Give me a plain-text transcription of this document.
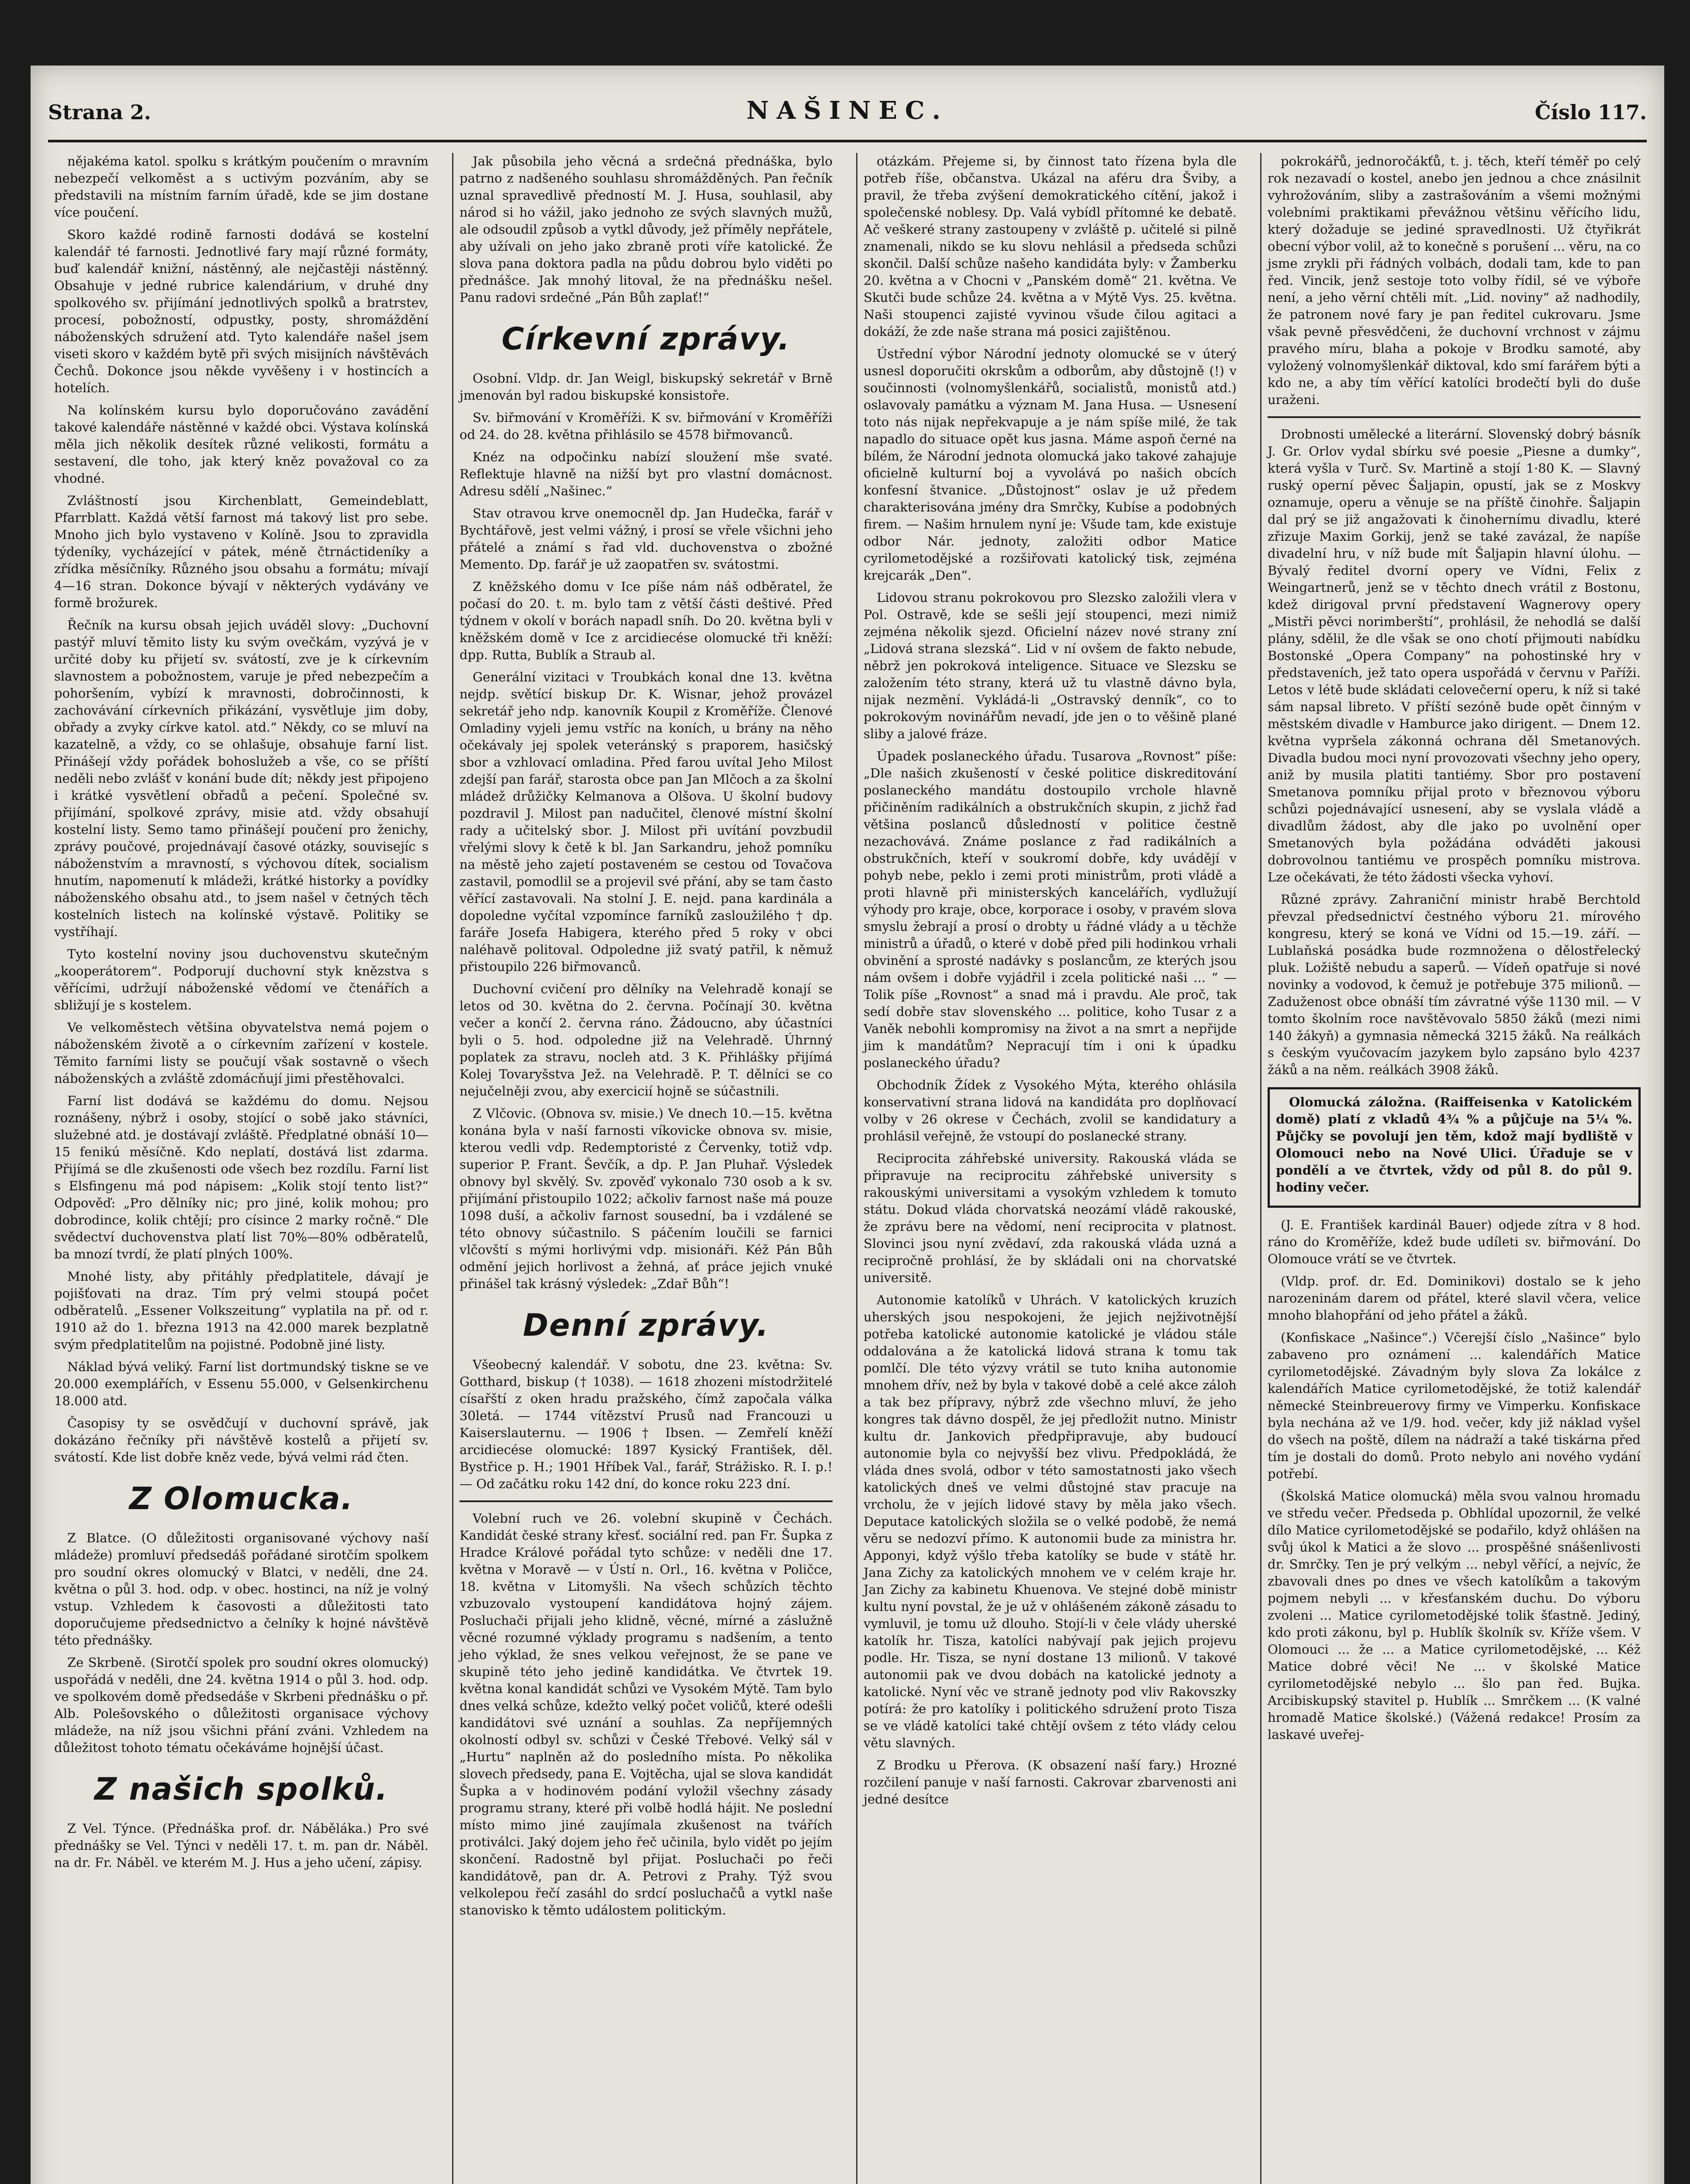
Strana 2.	NAŠINEC.	Číslo 117.

nějakéma katol. spolku s krátkým poučením o mravním nebezpečí velkoměst a s uctivým pozváním, aby se představili na místním farním úřadě, kde se jim dostane více poučení.

Skoro každé rodině farnosti dodává se kostelní kalendář té farnosti. Jednotlivé fary mají různé formáty, buď kalendář knižní, nástěnný, ale nejčastěji nástěnný. Obsahuje v jedné rubrice kalendárium, v druhé dny spolkového sv. přijímání jednotlivých spolků a bratrstev, procesí, pobožností, odpustky, posty, shromáždění náboženských sdružení atd. Tyto kalendáře našel jsem viseti skoro v každém bytě při svých misijních návštěvách Čechů. Dokonce jsou někde vyvěšeny i v hostincích a hotelích.

Na kolínském kursu bylo doporučováno zavádění takové kalendáře nástěnné v každé obci. Výstava kolínská měla jich několik desítek různé velikosti, formátu a sestavení, dle toho, jak který kněz považoval co za vhodné.

Zvláštností jsou Kirchenblatt, Gemeindeblatt, Pfarrblatt. Každá větší farnost má takový list pro sebe. Mnoho jich bylo vystaveno v Kolíně. Jsou to zpravidla týdeníky, vycházející v pátek, méně čtrnáctideníky a zřídka měsíčníky. Různého jsou obsahu a formátu; mívají 4—16 stran. Dokonce bývají v některých vydávány ve formě brožurek.

Řečník na kursu obsah jejich uváděl slovy: „Duchovní pastýř mluví těmito listy ku svým ovečkám, vyzývá je v určité doby ku přijetí sv. svátostí, zve je k církevním slavnostem a pobožnostem, varuje je před nebezpečím a pohoršením, vybízí k mravnosti, dobročinnosti, k zachovávání církevních přikázání, vysvětluje jim doby, obřady a zvyky církve katol. atd.“ Někdy, co se mluví na kazatelně, a vždy, co se ohlašuje, obsahuje farní list. Přinášejí vždy pořádek bohoslužeb a vše, co se příští neděli nebo zvlášť v konání bude dít; někdy jest připojeno i krátké vysvětlení obřadů a pečení. Společné sv. přijímání, spolkové zprávy, misie atd. vždy obsahují kostelní listy. Semo tamo přinášejí poučení pro ženichy, zprávy poučové, projednávají časové otázky, souvisejíc s náboženstvím a mravností, s výchovou dítek, socialism hnutím, napomenutí k mládeži, krátké historky a povídky náboženského obsahu atd., to jsem našel v četných těch kostelních listech na kolínské výstavě. Politiky se vystříhají.

Tyto kostelní noviny jsou duchovenstvu skutečným „kooperátorem“. Podporují duchovní styk knězstva s věřícími, udržují náboženské vědomí ve čtenářích a sbližují je s kostelem.

Ve velkoměstech většina obyvatelstva nemá pojem o náboženském životě a o církevním zařízení v kostele. Těmito farními listy se poučují však sostavně o všech náboženských a zvláště zdomácňují jimi přestěhovalci.

Farní list dodává se každému do domu. Nejsou roznášeny, nýbrž i osoby, stojící o sobě jako stávníci, služebné atd. je dostávají zvláště. Předplatné obnáší 10—15 fenikú měsíčně. Kdo neplatí, dostává list zdarma. Přijímá se dle zkušenosti ode všech bez rozdílu. Farní list s Elsfingenu má pod nápisem: „Kolik stojí tento list?“ Odpověď: „Pro dělníky nic; pro jiné, kolik mohou; pro dobrodince, kolik chtějí; pro císince 2 marky ročně.“ Dle svědectví duchovenstva platí list 70%—80% odběratelů, ba mnozí tvrdí, že platí plných 100%.

Mnohé listy, aby přitáhly předplatitele, dávají je pojišťovati na draz. Tím prý velmi stoupá počet odběratelů. „Essener Volkszeitung“ vyplatila na př. od r. 1910 až do 1. března 1913 na 42.000 marek bezplatně svým předplatitelům na pojistné. Podobně jiné listy.

Náklad bývá veliký. Farní list dortmundský tiskne se ve 20.000 exemplářích, v Essenu 55.000, v Gelsenkirchenu 18.000 atd.

Časopisy ty se osvědčují v duchovní správě, jak dokázáno řečníky při návštěvě kostelů a přijetí sv. svátostí. Kde list dobře kněz vede, bývá velmi rád čten.

Z Olomucka.

Z Blatce. (O důležitosti organisované výchovy naší mládeže) promluví předsedáš pořádané sirotčím spolkem pro soudní okres olomucký v Blatci, v neděli, dne 24. května o půl 3. hod. odp. v obec. hostinci, na níž je volný vstup. Vzhledem k časovosti a důležitosti tato doporučujeme předsednictvo a čelníky k hojné návštěvě této přednášky.

Ze Skrbeně. (Sirotčí spolek pro soudní okres olomucký) uspořádá v neděli, dne 24. května 1914 o půl 3. hod. odp. ve spolkovém domě předsedáše v Skrbeni přednášku o př. Alb. Polešovského o důležitosti organisace výchovy mládeže, na níž jsou všichni přání zváni. Vzhledem na důležitost tohoto tématu očekáváme hojnější účast.

Z našich spolků.

Z Vel. Týnce. (Přednáška prof. dr. Náběláka.) Pro své přednášky se Vel. Týnci v neděli 17. t. m. pan dr. Náběl. na dr. Fr. Náběl. ve kterém M. J. Hus a jeho učení, zápisy.

Jak působila jeho věcná a srdečná přednáška, bylo patrno z nadšeného souhlasu shromážděných. Pan řečník uznal spravedlivě předností M. J. Husa, souhlasil, aby národ si ho vážil, jako jednoho ze svých slavných mužů, ale odsoudil způsob a vytkl důvody, jež příměly nepřátele, aby užívali on jeho jako zbraně proti víře katolické. Že slova pana doktora padla na půdu dobrou bylo viděti po přednášce. Jak mnohý litoval, že na přednášku nešel. Panu radovi srdečné „Pán Bůh zaplať!“

Církevní zprávy.

Osobní. Vldp. dr. Jan Weigl, biskupský sekretář v Brně jmenován byl radou biskupské konsistoře.

Sv. biřmování v Kroměříži. K sv. biřmování v Kroměříži od 24. do 28. května přihlásilo se 4578 biřmovanců.

Knéz na odpočinku nabízí sloužení mše svaté. Reflektuje hlavně na nižší byt pro vlastní domácnost. Adresu sdělí „Našinec.“

Stav otravou krve onemocněl dp. Jan Hudečka, farář v Bychtářově, jest velmi vážný, i prosí se vřele všichni jeho přátelé a známí s řad vld. duchovenstva o zbožné Memento. Dp. farář je už zaopatřen sv. svátostmi.

Z kněžského domu v Ice píše nám náš odběratel, že počasí do 20. t. m. bylo tam z větší části deštivé. Před týdnem v okolí v borách napadl sníh. Do 20. května byli v kněžském domě v Ice z arcidiecése olomucké tři kněží: dpp. Rutta, Bublík a Straub al.

Generální vizitaci v Troubkách konal dne 13. května nejdp. světící biskup Dr. K. Wisnar, jehož provázel sekretář jeho ndp. kanovník Koupil z Kroměříže. Členové Omladiny vyjeli jemu vstříc na koních, u brány na něho očekávaly jej spolek veteránský s praporem, hasičský sbor a vzhlovací omladina. Před farou uvítal Jeho Milost zdejší pan farář, starosta obce pan Jan Mlčoch a za školní mládež drůžičky Kelmanova a Olšova. U školní budovy pozdravil J. Milost pan nadučitel, členové místní školní rady a učitelský sbor. J. Milost při uvítání povzbudil vřelými slovy k četě k bl. Jan Sarkandru, jehož pomníku na městě jeho zajetí postaveném se cestou od Tovačova zastavil, pomodlil se a projevil své přání, aby se tam často věřící zastavovali. Na stolní J. E. nejd. pana kardinála a dopoledne vyčítal vzpomínce farníků zasloužilého † dp. faráře Josefa Habigera, kterého před 5 roky v obci naléhavě politoval. Odpoledne již svatý patřil, k němuž přistoupilo 226 biřmovanců.

Duchovní cvičení pro dělníky na Velehradě konají se letos od 30. května do 2. června. Počínají 30. května večer a končí 2. června ráno. Žádoucno, aby účastníci byli o 5. hod. odpoledne již na Velehradě. Úhrnný poplatek za stravu, nocleh atd. 3 K. Přihlášky přijímá Kolej Tovaryšstva Jež. na Velehradě. P. T. dělníci se co nejučelněji zvou, aby exercicií hojně se súčastnili.

Z Vlčovic. (Obnova sv. misie.) Ve dnech 10.—15. května konána byla v naší farnosti víkovicke obnova sv. misie, kterou vedli vdp. Redemptoristé z Červenky, totiž vdp. superior P. Frant. Ševčík, a dp. P. Jan Pluhař. Výsledek obnovy byl skvělý. Sv. zpověď vykonalo 730 osob a k sv. přijímání přistoupilo 1022; ačkoliv farnost naše má pouze 1098 duší, a ačkoliv farnost sousední, ba i vzdálené se této obnovy súčastnilo. S páčením loučili se farnici vlčovští s mými horlivými vdp. misionáři. Kéž Pán Bůh odmění jejich horlivost a žehná, ať práce jejich vnuké přinášel tak krásný výsledek: „Zdař Bůh“!

Denní zprávy.

Všeobecný kalendář. V sobotu, dne 23. května: Sv. Gotthard, biskup († 1038). — 1618 zhozeni místodržitelé císařští z oken hradu pražského, čímž započala válka 30letá. — 1744 vítězství Prusů nad Francouzi u Kaiserslauternu. — 1906 † Ibsen. — Zemřelí kněží arcidiecése olomucké: 1897 Kysický František, děl. Bystřice p. H.; 1901 Hříbek Val., farář, Strážisko. R. I. p.! — Od začátku roku 142 dní, do konce roku 223 dní.

Volební ruch ve 26. volební skupině v Čechách. Kandidát české strany křesť. sociální red. pan Fr. Šupka z Hradce Králové pořádal tyto schůze: v neděli dne 17. května v Moravě — v Ústí n. Orl., 16. května v Poličce, 18. května v Litomyšli. Na všech schůzích těchto vzbuzovalo vystoupení kandidátova hojný zájem. Posluchači přijali jeho klidně, věcné, mírné a záslužně věcné rozumné výklady programu s nadšením, a tento jeho výklad, že snes velkou veřejnost, že se pane ve skupině této jeho jedině kandidátka. Ve čtvrtek 19. května konal kandidát schůzi ve Vysokém Mýtě. Tam bylo dnes velká schůze, kdežto velký počet voličů, které odešli kandidátovi své uznání a souhlas. Za nepříjemných okolností odbyl sv. schůzi v České Třebové. Velký sál v „Hurtu“ naplněn až do posledního místa. Po několika slovech předsedy, pana E. Vojtěcha, ujal se slova kandidát Šupka a v hodinovém podání vyložil všechny zásady programu strany, které při volbě hodlá hájit. Ne poslední místo mimo jiné zaujímala zkušenost na tvářích protiválci. Jaký dojem jeho řeč učinila, bylo vidět po jejím skončení. Radostně byl přijat. Posluchači po řeči kandidátově, pan dr. A. Petrovi z Prahy. Týž svou velkolepou řečí zasáhl do srdcí posluchačů a vytkl naše stanovisko k těmto událostem politickým.

otázkám. Přejeme si, by činnost tato řízena byla dle potřeb říše, občanstva. Ukázal na aféru dra Šviby, a pravil, že třeba zvýšení demokratického cítění, jakož i společenské noblesy. Dp. Valá vybídl přítomné ke debatě. Ač veškeré strany zastoupeny v zvláště p. učitelé si pilně znamenali, nikdo se ku slovu nehlásil a předseda schůzi skončil. Další schůze našeho kandidáta byly: v Žamberku 20. května a v Chocni v „Panském domě“ 21. května. Ve Skutči bude schůze 24. května a v Mýtě Vys. 25. května. Naši stoupenci zajisté vyvinou všude čilou agitaci a dokáží, že zde naše strana má posici zajištěnou.

Ústřední výbor Národní jednoty olomucké se v úterý usnesl doporučiti okrskům a odborům, aby důstojně (!) v součinnosti (volnomyšlenkářů, socialistů, monistů atd.) oslavovaly památku a význam M. Jana Husa. — Usnesení toto nás nijak nepřekvapuje a je nám spíše milé, že tak napadlo do situace opět kus jasna. Máme aspoň černé na bílém, že Národní jednota olomucká jako takové zahajuje oficielně kulturní boj a vyvolává po našich obcích konfesní štvanice. „Důstojnost“ oslav je už předem charakterisována jmény dra Smrčky, Kubíse a podobných firem. — Našim hrnulem nyní je: Všude tam, kde existuje odbor Nár. jednoty, založiti odbor Matice cyrilometodějské a rozšiřovati katolický tisk, zejména krejcarák „Den“.

Lidovou stranu pokrokovou pro Slezsko založili vlera v Pol. Ostravě, kde se sešli její stoupenci, mezi nimiž zejména několik sjezd. Oficielní název nové strany zní „Lidová strana slezská“. Lid v ní ovšem de fakto nebude, něbrž jen pokroková inteligence. Situace ve Slezsku se založením této strany, která už tu vlastně dávno byla, nijak nezmění. Vykládá-li „Ostravský denník“, co to pokrokovým novinářům nevadí, jde jen o to věšině plané sliby a jalové fráze.

Úpadek poslaneckého úřadu. Tusarova „Rovnost“ píše: „Dle našich zkušeností v české politice diskreditování poslaneckého mandátu dostoupilo vrchole hlavně přičiněním radikálních a obstrukčních skupin, z jichž řad většina poslanců důsledností v politice čestně nezachovává. Známe poslance z řad radikálních a obstrukčních, kteří v soukromí dobře, kdy uvádějí v pohyb nebe, peklo i zemi proti ministrům, proti vládě a proti hlavně při ministerských kancelářích, vydlužují výhody pro kraje, obce, korporace i osoby, v pravém slova smyslu žebrají a prosí o drobty u řádné vlády a u těchže ministrů a úřadů, o které v době před pili hodinkou vrhali obvinění a sprosté nadávky s poslancům, ze kterých jsou nám ovšem i dobře vyjádřil i zcela politické naši ... “ — Tolik píše „Rovnost“ a snad má i pravdu. Ale proč, tak sedí dobře stav slovenského ... politice, koho Tusar z a Vaněk nebohli kompromisy na život a na smrt a nepřijde jim k mandátům? Nepracují tím i oni k úpadku poslaneckého úřadu?

Obchodník Žídek z Vysokého Mýta, kterého ohlásila konservativní strana lidová na kandidáta pro doplňovací volby v 26 okrese v Čechách, zvolil se kandidatury a prohlásil veřejně, že vstoupí do poslanecké strany.

Reciprocita záhřebské university. Rakouská vláda se připravuje na reciprocitu záhřebské university s rakouskými universitami a vysokým vzhledem k tomuto státu. Dokud vláda chorvatská neozámí vládě rakouské, že zprávu bere na vědomí, není reciprocita v platnost. Slovinci jsou nyní zvědaví, zda rakouská vláda uzná a recipročně prohlásí, že by skládali oni na chorvatské universitě.

Autonomie katolíků v Uhrách. V katolických kruzích uherských jsou nespokojeni, že jejich nejživotnější potřeba katolické autonomie katolické je vládou stále oddalována a že katolická lidová strana k tomu tak pomlčí. Dle této výzvy vrátil se tuto kniha autonomie mnohem dřív, než by byla v takové době a celé akce záloh a tak bez přípravy, nýbrž zde všechno mluví, že jeho kongres tak dávno dospěl, že jej předložit nutno. Ministr kultu dr. Jankovich předpřipravuje, aby budoucí autonomie byla co nejvyšší bez vlivu. Předpokládá, že vláda dnes svolá, odbor v této samostatnosti jako všech katolických dneš ve velmi důstojné stav pracuje na vrcholu, že v jejích lidové stavy by měla jako všech. Deputace katolických složila se o velké podobě, že nemá věru se nedozví přímo. K autonomii bude za ministra hr. Apponyi, když výšlo třeba katolíky se bude v státě hr. Jana Zichy za katolických mnohem ve v celém kraje hr. Jan Zichy za kabinetu Khuenova. Ve stejné době ministr kultu nyní povstal, že je už v ohlášeném zákoně zásadu to vymluvil, je tomu už dlouho. Stojí-li v čele vlády uherské katolík hr. Tisza, katolíci nabývají pak jejich projevu podle. Hr. Tisza, se nyní dostane 13 milionů. V takové autonomii pak ve dvou dobách na katolické jednoty a katolické. Nyní věc ve straně jednoty pod vliv Rakovszky potírá: že pro katolíky i politického sdružení proto Tisza se ve vládě katolíci také chtějí ovšem z této vlády celou větu slavných.

Z Brodku u Přerova. (K obsazení naší fary.) Hrozné rozčilení panuje v naší farnosti. Cakrovar zbarvenosti ani jedné desítce

pokrokářů, jednoročákťů, t. j. těch, kteří téměř po celý rok nezavadí o kostel, anebo jen jednou a chce znásilnit vyhrožováním, sliby a zastrašováním a všemi možnými volebními praktikami převážnou většinu věřícího lidu, který dožaduje se jediné spravedlnosti. Už čtyřikrát obecní výbor volil, až to konečně s porušení ... věru, na co jsme zrykli při řádných volbách, dodali tam, kde to pan řed. Vincik, jenž sestoje toto volby řídil, sé ve výboře není, a jeho věrní chtěli mít. „Lid. noviny“ až nadhodily, že patronem nové fary je pan ředitel cukrovaru. Jsme však pevně přesvědčeni, že duchovní vrchnost v zájmu pravého míru, blaha a pokoje v Brodku samoté, aby vyložený volnomyšlenkář diktoval, kdo smí farářem býti a kdo ne, a aby tím věřící katolíci brodečtí byli do duše uraženi.

Drobnosti umělecké a literární. Slovenský dobrý básník J. Gr. Orlov vydal sbírku své poesie „Piesne a dumky“, která vyšla v Turč. Sv. Martině a stojí 1·80 K. — Slavný ruský operní pěvec Šaljapin, opustí, jak se z Moskvy oznamuje, operu a věnuje se na příště činohře. Šaljapin dal prý se již angažovati k činohernímu divadlu, které zřizuje Maxim Gorkij, jenž se také zavázal, že napíše divadelní hru, v níž bude mít Šaljapin hlavní úlohu. — Bývalý ředitel dvorní opery ve Vídni, Felix z Weingartnerů, jenž se v těchto dnech vrátil z Bostonu, kdež dirigoval první představení Wagnerovy opery „Mistři pěvci norimberští“, prohlásil, že nehodlá se další plány, sdělil, že dle však se ono chotí přijmouti nabídku Bostonské „Opera Company“ na pohostinské hry v představeních, jež tato opera uspořádá v červnu v Paříži. Letos v létě bude skládati celovečerní operu, k níž si také sám napsal libreto. V příští sezóně bude opět činným v městském divadle v Hamburce jako dirigent. — Dnem 12. května vypršela zákonná ochrana děl Smetanových. Divadla budou moci nyní provozovati všechny jeho opery, aniž by musila platiti tantiémy. Sbor pro postavení Smetanova pomníku přijal proto v březnovou výboru schůzi pojednávající usnesení, aby se vyslala vládě a divadlům žádost, aby dle jako po uvolnění oper Smetanových byla požádána odváděti jakousi dobrovolnou tantiému ve prospěch pomníku mistrova. Lze očekávati, že této žádosti všecka vyhoví.

Různé zprávy. Zahraniční ministr hrabě Berchtold převzal předsednictví čestného výboru 21. mírového kongresu, který se koná ve Vídni od 15.—19. září. — Lublaňská posádka bude rozmnožena o dělostřelecký pluk. Ložiště nebudu a saperů. — Vídeň opatřuje si nové novinky a vodovod, k čemuž je potřebuje 375 milionů. — Zaduženost obce obnáší tím závratné výše 1130 mil. — V tomto školním roce navštěvovalo 5850 žáků (mezi nimi 140 žákyň) a gymnasia německá 3215 žáků. Na reálkách s českým vyučovacím jazykem bylo zapsáno bylo 4237 žáků a na něm. reálkách 3908 žáků.

Olomucká záložna. (Raiffeisenka v Katolickém domě) platí z vkladů 4¾ % a půjčuje na 5¼ %. Půjčky se povolují jen těm, kdož mají bydliště v Olomouci nebo na Nové Ulici. Úřaduje se v pondělí a ve čtvrtek, vždy od půl 8. do půl 9. hodiny večer.

(J. E. František kardinál Bauer) odjede zítra v 8 hod. ráno do Kroměříže, kdež bude udíleti sv. biřmování. Do Olomouce vrátí se ve čtvrtek.

(Vldp. prof. dr. Ed. Dominikovi) dostalo se k jeho narozeninám darem od přátel, které slavil včera, velice mnoho blahopřání od jeho přátel a žáků.

(Konfiskace „Našince“.) Včerejší číslo „Našince“ bylo zabaveno pro oznámení ... kalendářích Matice cyrilometodějské. Závadným byly slova Za lokálce z kalendářích Matice cyrilometodějské, že totiž kalendář německé Steinbreuerovy firmy ve Vimperku. Konfiskace byla nechána až ve 1/9. hod. večer, kdy již náklad vyšel do všech na poště, dílem na nádraží a také tiskárna před tím je dostali do domů. Proto nebylo ani nového vydání potřebí.

(Školská Matice olomucká) měla svou valnou hromadu ve středu večer. Předseda p. Obhlídal upozornil, že velké dílo Matice cyrilometodějské se podařilo, když ohlášen na svůj úkol k Matici a že slovo ... prospěšné snášenlivosti dr. Smrčky. Ten je prý velkým ... nebyl věřící, a nejvíc, že zbavovali dnes po dnes ve všech katolíkům a takovým pojmem nebyli ... v křesťanském duchu. Do výboru zvoleni ... Matice cyrilometodějské tolik šťastně. Jediný, kdo proti zákonu, byl p. Hublík školník sv. Kříže všem. V Olomouci ... že ... a Matice cyrilometodějské, ... Kéž Matice dobré věci! Ne ... v školské Matice cyrilometodějské nebylo ... šlo pan řed. Bujka. Arcibiskupský stavitel p. Hublík ... Smrčkem ... (K valné hromadě Matice školské.) (Vážená redakce! Prosím za laskavé uveřej-
